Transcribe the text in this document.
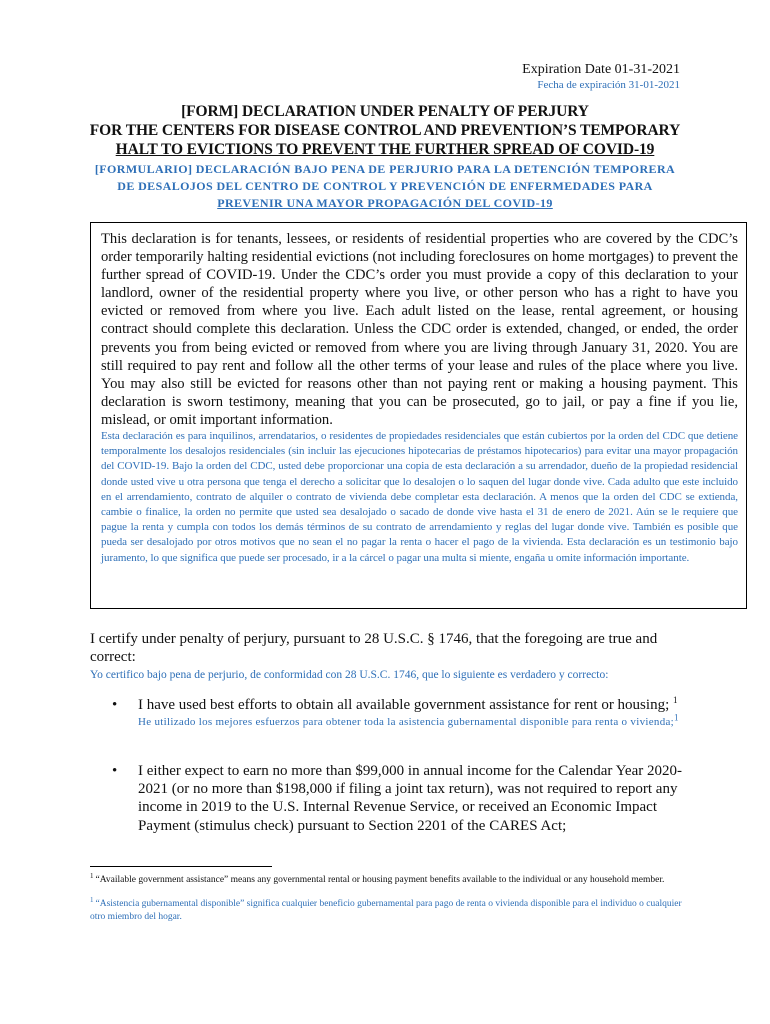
Expiration Date 01-31-2021
Fecha de expiración 31-01-2021
[FORM] DECLARATION UNDER PENALTY OF PERJURY
FOR THE CENTERS FOR DISEASE CONTROL AND PREVENTION’S TEMPORARY
HALT TO EVICTIONS TO PREVENT THE FURTHER SPREAD OF COVID-19
[FORMULARIO] DECLARACIÓN BAJO PENA DE PERJURIO PARA LA DETENCIÓN TEMPORERA
DE DESALOJOS DEL CENTRO DE CONTROL Y PREVENCIÓN DE ENFERMEDADES PARA
PREVENIR UNA MAYOR PROPAGACIÓN DEL COVID-19

This declaration is for tenants, lessees, or residents of residential properties who are covered by the CDC’s order temporarily halting residential evictions (not including foreclosures on home mortgages) to prevent the further spread of COVID-19. Under the CDC’s order you must provide a copy of this declaration to your landlord, owner of the residential property where you live, or other person who has a right to have you evicted or removed from where you live. Each adult listed on the lease, rental agreement, or housing contract should complete this declaration. Unless the CDC order is extended, changed, or ended, the order prevents you from being evicted or removed from where you are living through January 31, 2020. You are still required to pay rent and follow all the other terms of your lease and rules of the place where you live. You may also still be evicted for reasons other than not paying rent or making a housing payment. This declaration is sworn testimony, meaning that you can be prosecuted, go to jail, or pay a fine if you lie, mislead, or omit important information.

Esta declaración es para inquilinos, arrendatarios, o residentes de propiedades residenciales que están cubiertos por la orden del CDC que detiene temporalmente los desalojos residenciales (sin incluir las ejecuciones hipotecarias de préstamos hipotecarios) para evitar una mayor propagación del COVID-19. Bajo la orden del CDC, usted debe proporcionar una copia de esta declaración a su arrendador, dueño de la propiedad residencial donde usted vive u otra persona que tenga el derecho a solicitar que lo desalojen o lo saquen del lugar donde vive. Cada adulto que este incluido en el arrendamiento, contrato de alquiler o contrato de vivienda debe completar esta declaración. A menos que la orden del CDC se extienda, cambie o finalice, la orden no permite que usted sea desalojado o sacado de donde vive hasta el 31 de enero de 2021. Aún se le requiere que pague la renta y cumpla con todos los demás términos de su contrato de arrendamiento y reglas del lugar donde vive. También es posible que pueda ser desalojado por otros motivos que no sean el no pagar la renta o hacer el pago de la vivienda. Esta declaración es un testimonio bajo juramento, lo que significa que puede ser procesado, ir a la cárcel o pagar una multa si miente, engaña u omite información importante.

I certify under penalty of perjury, pursuant to 28 U.S.C. § 1746, that the foregoing are true and correct:

Yo certifico bajo pena de perjurio, de conformidad con 28 U.S.C. 1746, que lo siguiente es verdadero y correcto:

• I have used best efforts to obtain all available government assistance for rent or housing; $^1$

He utilizado los mejores esfuerzos para obtener toda la asistencia gubernamental disponible para renta o vivienda;$^1$

• I either expect to earn no more than $99,000 in annual income for the Calendar Year 2020-2021 (or no more than $198,000 if filing a joint tax return), was not required to report any income in 2019 to the U.S. Internal Revenue Service, or received an Economic Impact Payment (stimulus check) pursuant to Section 2201 of the CARES Act;

$^1$ “Available government assistance” means any governmental rental or housing payment benefits available to the individual or any household member.
$^1$ “Asistencia gubernamental disponible” significa cualquier beneficio gubernamental para pago de renta o vivienda disponible para el individuo o cualquier otro miembro del hogar.
